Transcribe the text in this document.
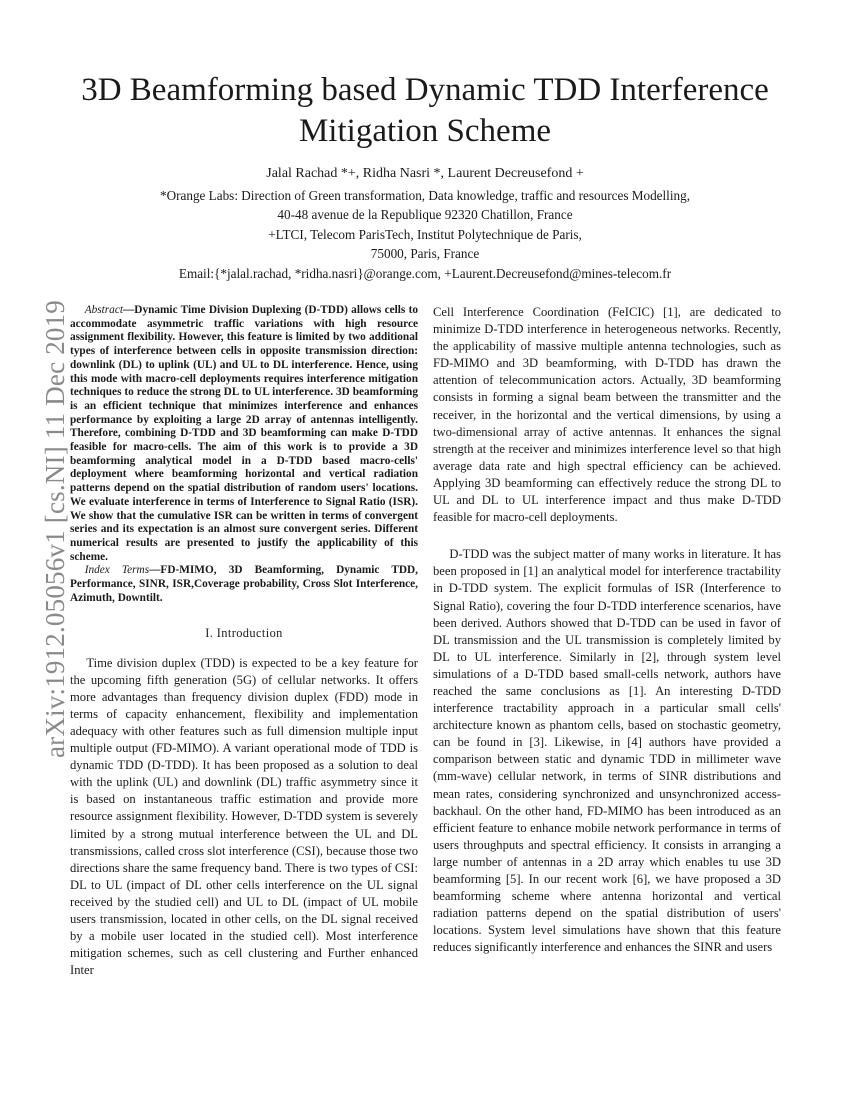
arXiv:1912.05056v1 [cs.NI] 11 Dec 2019
3D Beamforming based Dynamic TDD Interference Mitigation Scheme
Jalal Rachad *+, Ridha Nasri *, Laurent Decreusefond +
*Orange Labs: Direction of Green transformation, Data knowledge, traffic and resources Modelling,
40-48 avenue de la Republique 92320 Chatillon, France
+LTCI, Telecom ParisTech, Institut Polytechnique de Paris,
75000, Paris, France
Email:{*jalal.rachad, *ridha.nasri}@orange.com, +Laurent.Decreusefond@mines-telecom.fr

Abstract—Dynamic Time Division Duplexing (D-TDD) allows cells to accommodate asymmetric traffic variations with high resource assignment flexibility. However, this feature is limited by two additional types of interference between cells in opposite transmission direction: downlink (DL) to uplink (UL) and UL to DL interference. Hence, using this mode with macro-cell deployments requires interference mitigation techniques to reduce the strong DL to UL interference. 3D beamforming is an efficient technique that minimizes interference and enhances performance by exploiting a large 2D array of antennas intelligently. Therefore, combining D-TDD and 3D beamforming can make D-TDD feasible for macro-cells. The aim of this work is to provide a 3D beamforming analytical model in a D-TDD based macro-cells' deployment where beamforming horizontal and vertical radiation patterns depend on the spatial distribution of random users' locations. We evaluate interference in terms of Interference to Signal Ratio (ISR). We show that the cumulative ISR can be written in terms of convergent series and its expectation is an almost sure convergent series. Different numerical results are presented to justify the applicability of this scheme.

Index Terms—FD-MIMO, 3D Beamforming, Dynamic TDD, Performance, SINR, ISR,Coverage probability, Cross Slot Interference, Azimuth, Downtilt.

I. Introduction

Time division duplex (TDD) is expected to be a key feature for the upcoming fifth generation (5G) of cellular networks. It offers more advantages than frequency division duplex (FDD) mode in terms of capacity enhancement, flexibility and implementation adequacy with other features such as full dimension multiple input multiple output (FD-MIMO). A variant operational mode of TDD is dynamic TDD (D-TDD). It has been proposed as a solution to deal with the uplink (UL) and downlink (DL) traffic asymmetry since it is based on instantaneous traffic estimation and provide more resource assignment flexibility. However, D-TDD system is severely limited by a strong mutual interference between the UL and DL transmissions, called cross slot interference (CSI), because those two directions share the same frequency band. There is two types of CSI: DL to UL (impact of DL other cells interference on the UL signal received by the studied cell) and UL to DL (impact of UL mobile users transmission, located in other cells, on the DL signal received by a mobile user located in the studied cell). Most interference mitigation schemes, such as cell clustering and Further enhanced Inter

Cell Interference Coordination (FeICIC) [1], are dedicated to minimize D-TDD interference in heterogeneous networks. Recently, the applicability of massive multiple antenna technologies, such as FD-MIMO and 3D beamforming, with D-TDD has drawn the attention of telecommunication actors. Actually, 3D beamforming consists in forming a signal beam between the transmitter and the receiver, in the horizontal and the vertical dimensions, by using a two-dimensional array of active antennas. It enhances the signal strength at the receiver and minimizes interference level so that high average data rate and high spectral efficiency can be achieved. Applying 3D beamforming can effectively reduce the strong DL to UL and DL to UL interference impact and thus make D-TDD feasible for macro-cell deployments.

D-TDD was the subject matter of many works in literature. It has been proposed in [1] an analytical model for interference tractability in D-TDD system. The explicit formulas of ISR (Interference to Signal Ratio), covering the four D-TDD interference scenarios, have been derived. Authors showed that D-TDD can be used in favor of DL transmission and the UL transmission is completely limited by DL to UL interference. Similarly in [2], through system level simulations of a D-TDD based small-cells network, authors have reached the same conclusions as [1]. An interesting D-TDD interference tractability approach in a particular small cells' architecture known as phantom cells, based on stochastic geometry, can be found in [3]. Likewise, in [4] authors have provided a comparison between static and dynamic TDD in millimeter wave (mm-wave) cellular network, in terms of SINR distributions and mean rates, considering synchronized and unsynchronized access-backhaul. On the other hand, FD-MIMO has been introduced as an efficient feature to enhance mobile network performance in terms of users throughputs and spectral efficiency. It consists in arranging a large number of antennas in a 2D array which enables tu use 3D beamforming [5]. In our recent work [6], we have proposed a 3D beamforming scheme where antenna horizontal and vertical radiation patterns depend on the spatial distribution of users' locations. System level simulations have shown that this feature reduces significantly interference and enhances the SINR and users
